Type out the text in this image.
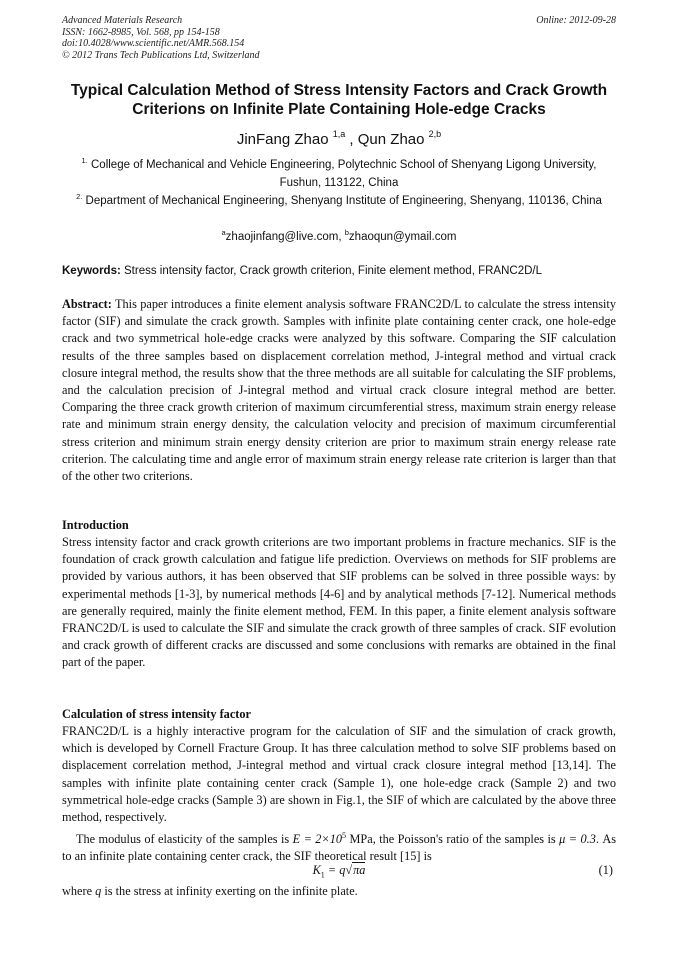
Advanced Materials Research
ISSN: 1662-8985, Vol. 568, pp 154-158
doi:10.4028/www.scientific.net/AMR.568.154
© 2012 Trans Tech Publications Ltd, Switzerland
Online: 2012-09-28
Typical Calculation Method of Stress Intensity Factors and Crack Growth Criterions on Infinite Plate Containing Hole-edge Cracks
JinFang Zhao $^{1,a}$ , Qun Zhao $^{2,b}$
$^{1.}$ College of Mechanical and Vehicle Engineering, Polytechnic School of Shenyang Ligong University, Fushun, 113122, China
$^{2.}$ Department of Mechanical Engineering, Shenyang Institute of Engineering, Shenyang, 110136, China
$^a$zhaojinfang@live.com, $^b$zhaoqun@ymail.com
Keywords: Stress intensity factor, Crack growth criterion, Finite element method, FRANC2D/L
Abstract: This paper introduces a finite element analysis software FRANC2D/L to calculate the stress intensity factor (SIF) and simulate the crack growth. Samples with infinite plate containing center crack, one hole-edge crack and two symmetrical hole-edge cracks were analyzed by this software. Comparing the SIF calculation results of the three samples based on displacement correlation method, J-integral method and virtual crack closure integral method, the results show that the three methods are all suitable for calculating the SIF problems, and the calculation precision of J-integral method and virtual crack closure integral method are better. Comparing the three crack growth criterion of maximum circumferential stress, maximum strain energy release rate and minimum strain energy density, the calculation velocity and precision of maximum circumferential stress criterion and minimum strain energy density criterion are prior to maximum strain energy release rate criterion. The calculating time and angle error of maximum strain energy release rate criterion is larger than that of the other two criterions.
Introduction
Stress intensity factor and crack growth criterions are two important problems in fracture mechanics. SIF is the foundation of crack growth calculation and fatigue life prediction. Overviews on methods for SIF problems are provided by various authors, it has been observed that SIF problems can be solved in three possible ways: by experimental methods [1-3], by numerical methods [4-6] and by analytical methods [7-12]. Numerical methods are generally required, mainly the finite element method, FEM. In this paper, a finite element analysis software FRANC2D/L is used to calculate the SIF and simulate the crack growth of three samples of crack. SIF evolution and crack growth of different cracks are discussed and some conclusions with remarks are obtained in the final part of the paper.
Calculation of stress intensity factor
FRANC2D/L is a highly interactive program for the calculation of SIF and the simulation of crack growth, which is developed by Cornell Fracture Group. It has three calculation method to solve SIF problems based on displacement correlation method, J-integral method and virtual crack closure integral method [13,14]. The samples with infinite plate containing center crack (Sample 1), one hole-edge crack (Sample 2) and two symmetrical hole-edge cracks (Sample 3) are shown in Fig.1, the SIF of which are calculated by the above three method, respectively.
The modulus of elasticity of the samples is $E = 2\times 10^5$ MPa, the Poisson's ratio of the samples is μ = 0.3. As to an infinite plate containing center crack, the SIF theoretical result [15] is
$K_1 = q√\pi a$	(1)
where q is the stress at infinity exerting on the infinite plate.
